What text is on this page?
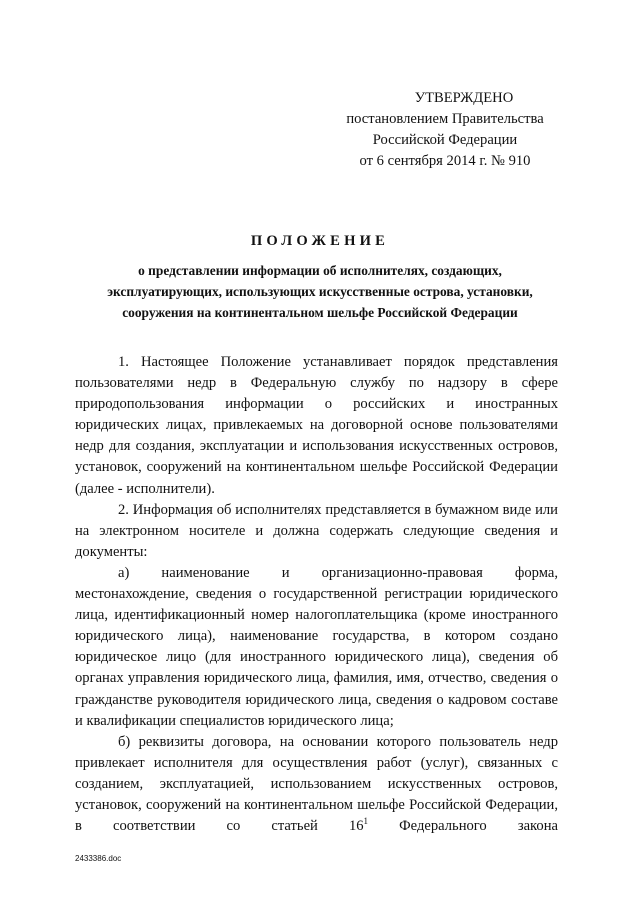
УТВЕРЖДЕНО
постановлением Правительства
Российской Федерации
от 6 сентября 2014 г. № 910
ПОЛОЖЕНИЕ
о представлении информации об исполнителях, создающих,
эксплуатирующих, использующих искусственные острова, установки,
сооружения на континентальном шельфе Российской Федерации

1. Настоящее Положение устанавливает порядок представления пользователями недр в Федеральную службу по надзору в сфере природопользования информации о российских и иностранных юридических лицах, привлекаемых на договорной основе пользователями недр для создания, эксплуатации и использования искусственных островов, установок, сооружений на континентальном шельфе Российской Федерации (далее - исполнители).

2. Информация об исполнителях представляется в бумажном виде или на электронном носителе и должна содержать следующие сведения и документы:

а) наименование и организационно-правовая форма, местонахождение, сведения о государственной регистрации юридического лица, идентификационный номер налогоплательщика (кроме иностранного юридического лица), наименование государства, в котором создано юридическое лицо (для иностранного юридического лица), сведения об органах управления юридического лица, фамилия, имя, отчество, сведения о гражданстве руководителя юридического лица, сведения о кадровом составе и квалификации специалистов юридического лица;

б) реквизиты договора, на основании которого пользователь недр привлекает исполнителя для осуществления работ (услуг), связанных с созданием, эксплуатацией, использованием искусственных островов, установок, сооружений на континентальном шельфе Российской Федерации, в соответствии со статьей $16^1$ Федерального закона

2433386.doc
